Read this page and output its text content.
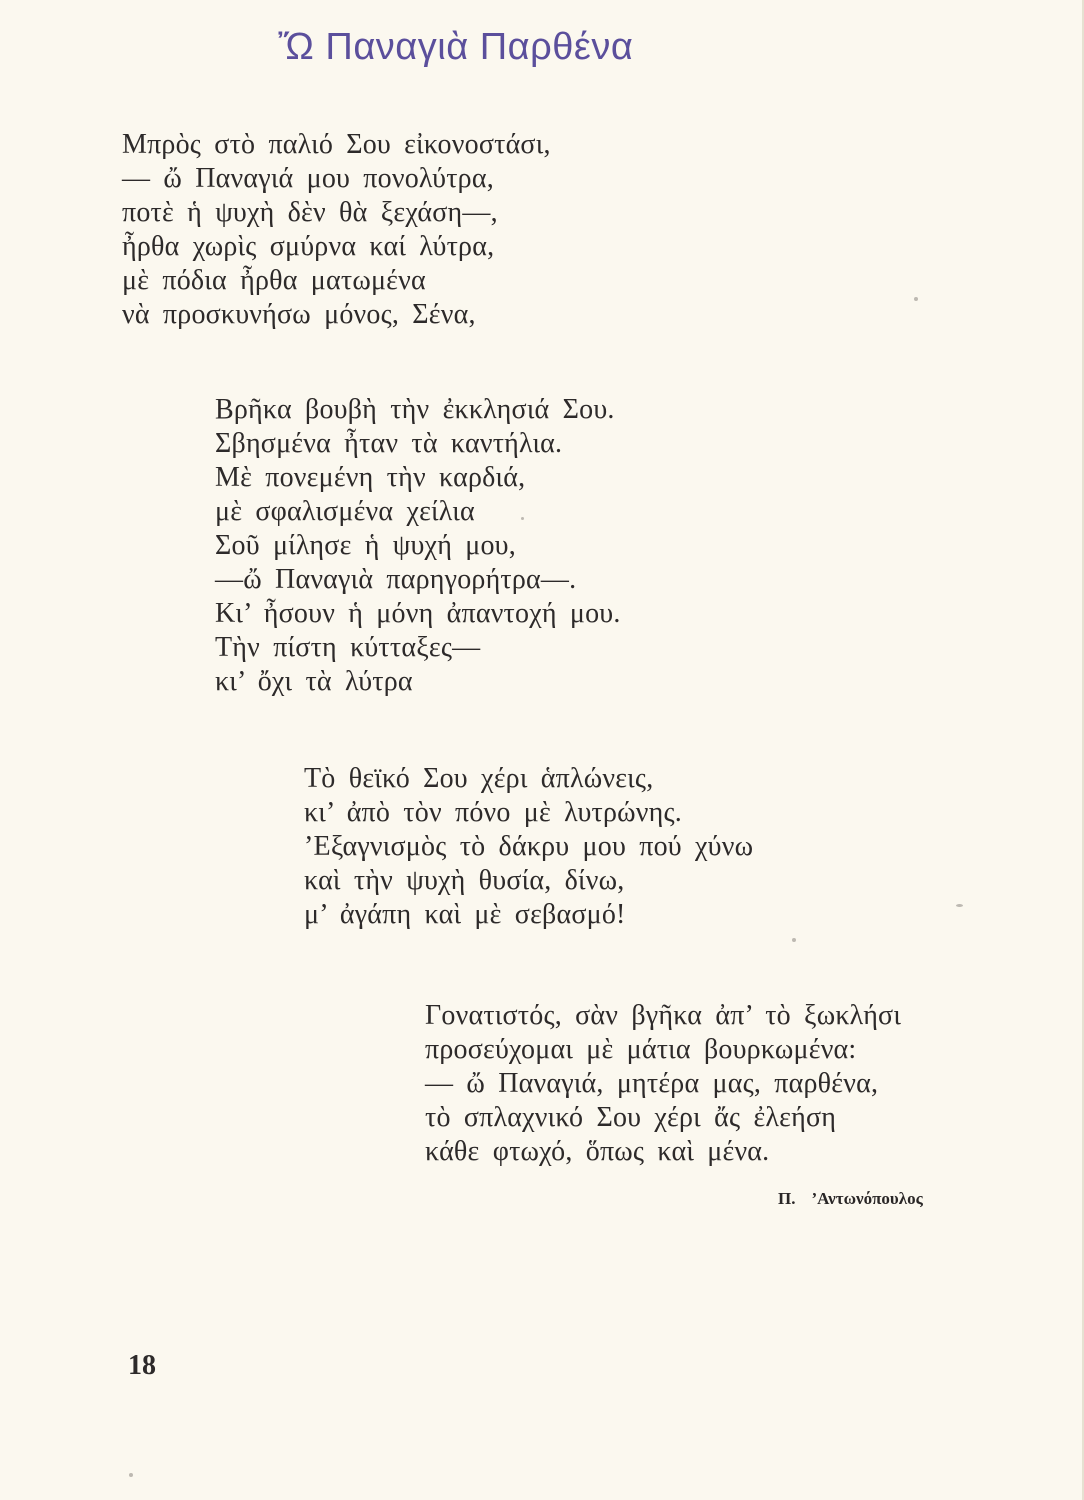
Ὤ Παναγιὰ Παρθένα
Μπρὸς στὸ παλιό Σου εἰκονοστάσι,
— ὤ Παναγιά μου πονολύτρα,
ποτὲ ἡ ψυχὴ δὲν θὰ ξεχάση—,
ἦρθα χωρὶς σμύρνα καί λύτρα,
μὲ πόδια ἦρθα ματωμένα
νὰ προσκυνήσω μόνος, Σένα,
Βρῆκα βουβὴ τὴν ἐκκλησιά Σου.
Σβησμένα ἦταν τὰ καντήλια.
Μὲ πονεμένη τὴν καρδιά,
μὲ σφαλισμένα χείλια
Σοῦ μίλησε ἡ ψυχή μου,
—ὤ Παναγιὰ παρηγορήτρα—.
Κι’ ἦσουν ἡ μόνη ἀπαντοχή μου.
Τὴν πίστη κύτταξες—
κι’ ὄχι τὰ λύτρα
Τὸ θεϊκό Σου χέρι ἁπλώνεις,
κι’ ἀπὸ τὸν πόνο μὲ λυτρώνης.
’Εξαγνισμὸς τὸ δάκρυ μου πού χύνω
καὶ τὴν ψυχὴ θυσία, δίνω,
μ’ ἀγάπη καὶ μὲ σεβασμό!
Γονατιστός, σὰν βγῆκα ἀπ’ τὸ ξωκλήσι
προσεύχομαι μὲ μάτια βουρκωμένα:
— ὤ Παναγιά, μητέρα μας, παρθένα,
τὸ σπλαχνικό Σου χέρι ἄς ἐλεήση
κάθε φτωχό, ὅπως καὶ μένα.
Π. ’Αντωνόπουλος
18
